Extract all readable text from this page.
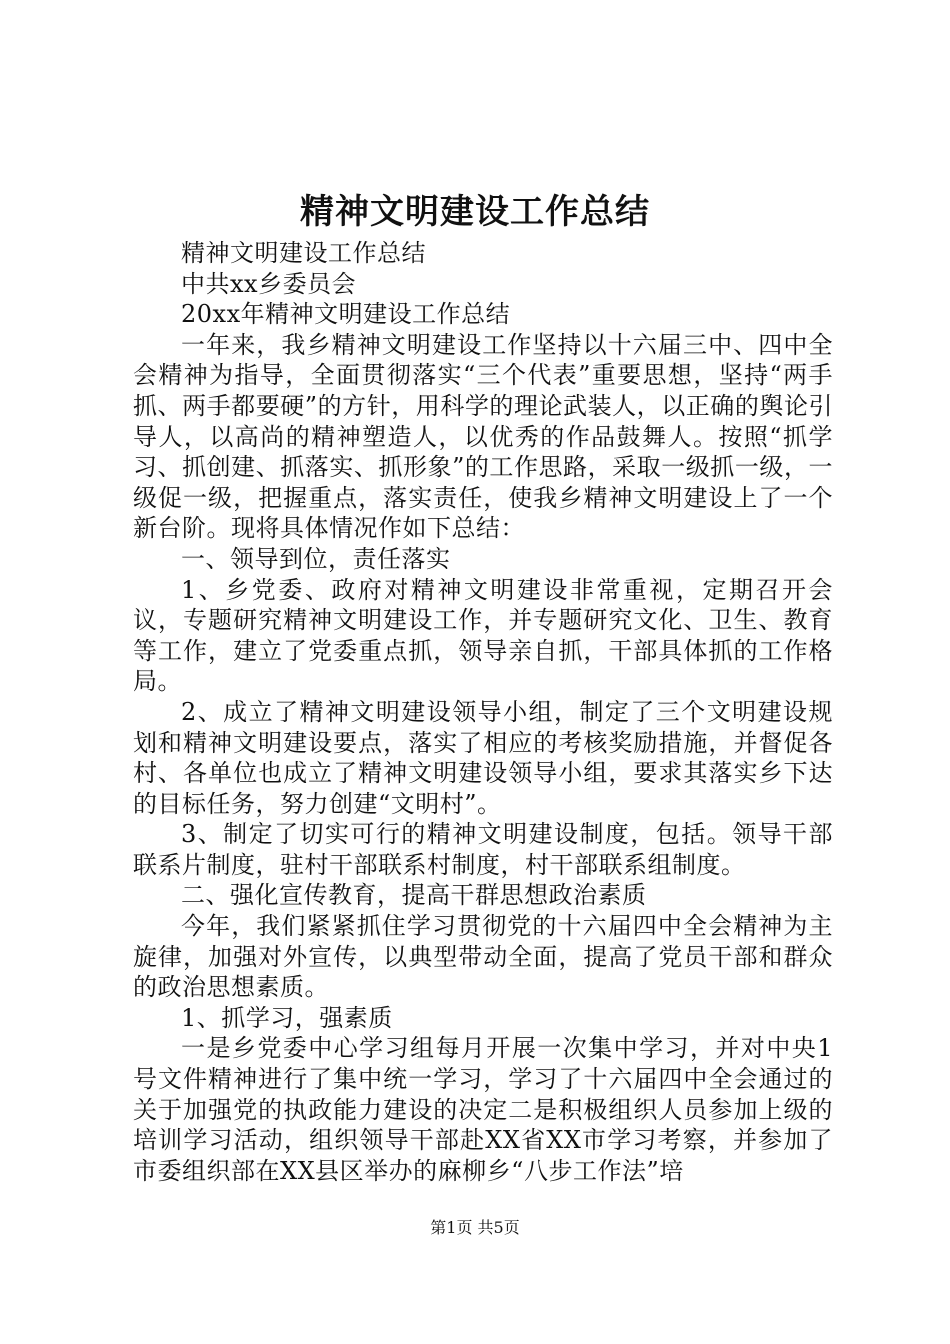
精神文明建设工作总结

精神文明建设工作总结

中共xx乡委员会

20xx年精神文明建设工作总结

一年来，我乡精神文明建设工作坚持以十六届三中、四中全会精神为指导，全面贯彻落实“三个代表”重要思想，坚持“两手抓、两手都要硬”的方针，用科学的理论武装人，以正确的舆论引导人，以高尚的精神塑造人，以优秀的作品鼓舞人。按照“抓学习、抓创建、抓落实、抓形象”的工作思路，采取一级抓一级，一级促一级，把握重点，落实责任，使我乡精神文明建设上了一个新台阶。现将具体情况作如下总结：

一、领导到位，责任落实

1、乡党委、政府对精神文明建设非常重视，定期召开会议，专题研究精神文明建设工作，并专题研究文化、卫生、教育等工作，建立了党委重点抓，领导亲自抓，干部具体抓的工作格局。

2、成立了精神文明建设领导小组，制定了三个文明建设规划和精神文明建设要点，落实了相应的考核奖励措施，并督促各村、各单位也成立了精神文明建设领导小组，要求其落实乡下达的目标任务，努力创建“文明村”。

3、制定了切实可行的精神文明建设制度，包括。领导干部联系片制度，驻村干部联系村制度，村干部联系组制度。

二、强化宣传教育，提高干群思想政治素质

今年，我们紧紧抓住学习贯彻党的十六届四中全会精神为主旋律，加强对外宣传，以典型带动全面，提高了党员干部和群众的政治思想素质。

1、抓学习，强素质

一是乡党委中心学习组每月开展一次集中学习，并对中央1号文件精神进行了集中统一学习，学习了十六届四中全会通过的关于加强党的执政能力建设的决定二是积极组织人员参加上级的培训学习活动，组织领导干部赴XX省XX市学习考察，并参加了市委组织部在XX县区举办的麻柳乡“八步工作法”培

第1页 共5页
